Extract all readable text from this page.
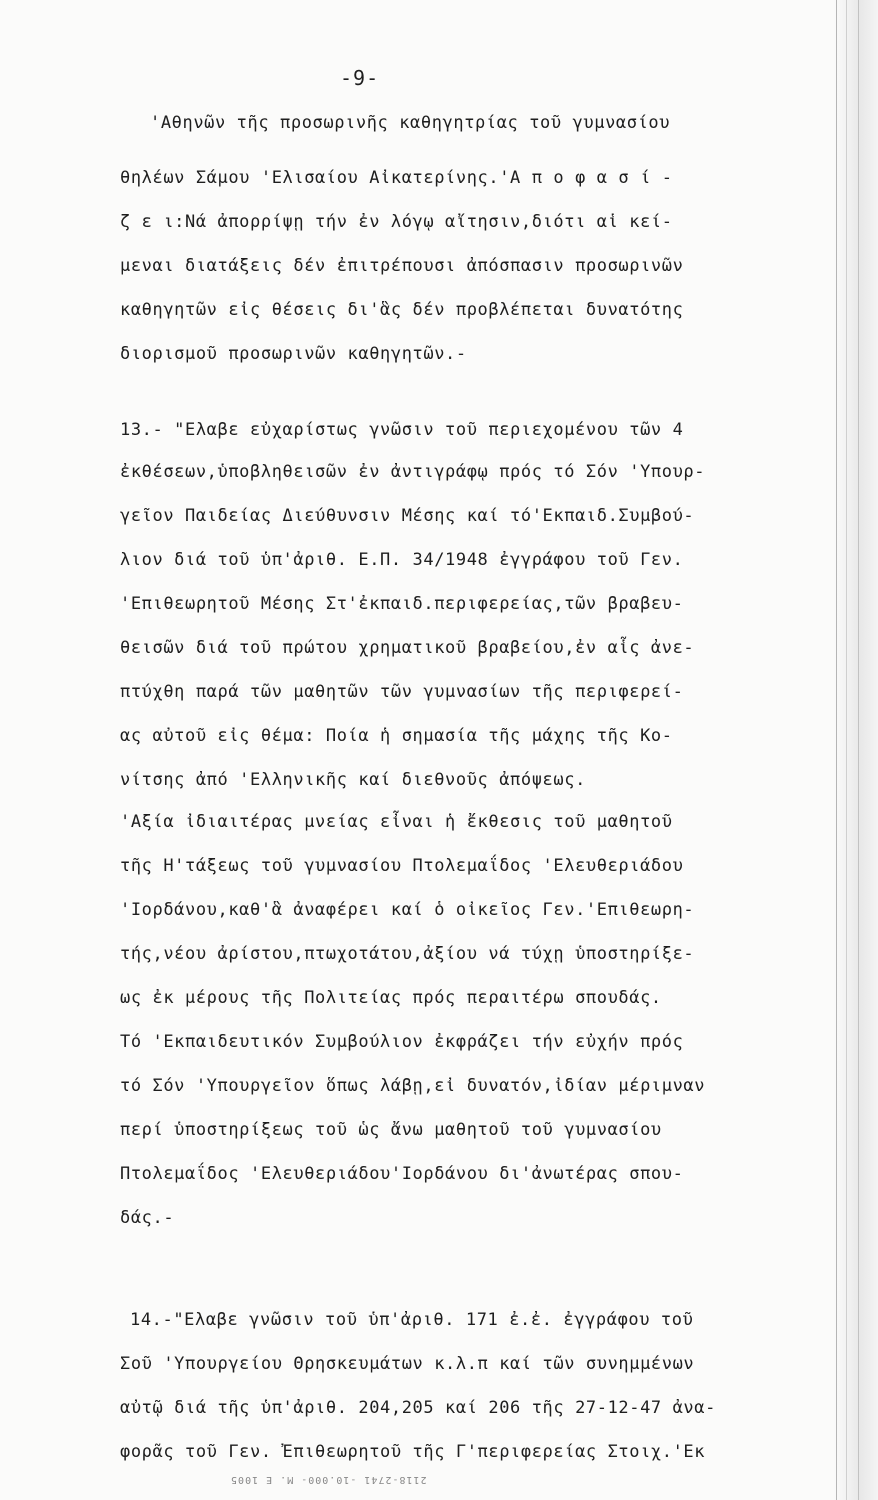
-9-
'Αθηνῶν τῆς προσωρινῆς καθηγητρίας τοῦ γυμνασίου
θηλέων Σάμου 'Ελισαίου Αἰκατερίνης.'Α π ο φ α σ ί -
ζ ε ι:Νά ἀπορρίψῃ τήν ἐν λόγῳ αἴτησιν,διότι αἱ κεί-
μεναι διατάξεις δέν ἐπιτρέπουσι ἀπόσπασιν προσωρινῶν
καθηγητῶν εἰς θέσεις δι'ἃς δέν προβλέπεται δυνατότης
διορισμοῦ προσωρινῶν καθηγητῶν.-
13.- "Ελαβε εὐχαρίστως γνῶσιν τοῦ περιεχομένου τῶν 4
ἐκθέσεων,ὑποβληθεισῶν ἐν ἀντιγράφῳ πρός τό Σόν 'Υπουρ-
γεῖον Παιδείας Διεύθυνσιν Μέσης καί τό'Εκπαιδ.Συμβού-
λιον διά τοῦ ὑπ'ἀριθ. Ε.Π. 34/1948 ἐγγράφου τοῦ Γεν.
'Επιθεωρητοῦ Μέσης Στ'ἐκπαιδ.περιφερείας,τῶν βραβευ-
θεισῶν διά τοῦ πρώτου χρηματικοῦ βραβείου,ἐν αἷς ἀνε-
πτύχθη παρά τῶν μαθητῶν τῶν γυμνασίων τῆς περιφερεί-
ας αὐτοῦ εἰς θέμα: Ποία ἡ σημασία τῆς μάχης τῆς Κο-
νίτσης ἀπό 'Ελληνικῆς καί διεθνοῦς ἀπόψεως.
'Αξία ἰδιαιτέρας μνείας εἶναι ἡ ἔκθεσις τοῦ μαθητοῦ
τῆς Η'τάξεως τοῦ γυμνασίου Πτολεμαΐδος 'Ελευθεριάδου
'Ιορδάνου,καθ'ἃ ἀναφέρει καί ὁ οἰκεῖος Γεν.'Επιθεωρη-
τής,νέου ἀρίστου,πτωχοτάτου,ἀξίου νά τύχῃ ὑποστηρίξε-
ως ἐκ μέρους τῆς Πολιτείας πρός περαιτέρω σπουδάς.
Τό 'Εκπαιδευτικόν Συμβούλιον ἐκφράζει τήν εὐχήν πρός
τό Σόν 'Υπουργεῖον ὅπως λάβῃ,εἰ δυνατόν,ἰδίαν μέριμναν
περί ὑποστηρίξεως τοῦ ὡς ἄνω μαθητοῦ τοῦ γυμνασίου
Πτολεμαΐδος 'Ελευθεριάδου'Ιορδάνου δι'ἀνωτέρας σπου-
δάς.-
14.-"Ελαβε γνῶσιν τοῦ ὑπ'ἀριθ. 171 ἐ.ἐ. ἐγγράφου τοῦ
Σοῦ 'Υπουργείου Θρησκευμάτων κ.λ.π καί τῶν συνημμένων
αὐτῷ διά τῆς ὑπ'ἀριθ. 204,205 καί 206 τῆς 27-12-47 ἀνα-
φορᾶς τοῦ Γεν. Ἐπιθεωρητοῦ τῆς Γ'περιφερείας Στοιχ.'Εκ
2118-2741 -10.000- M. E 1005
